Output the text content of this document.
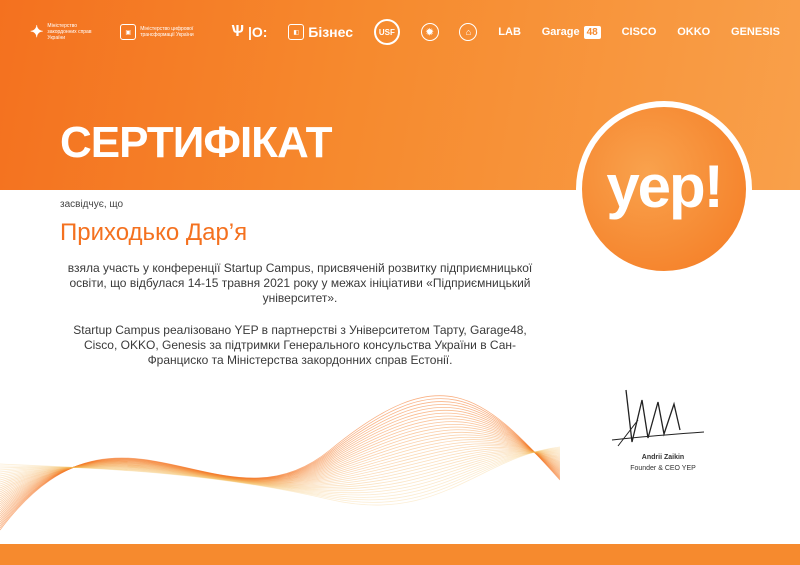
✦ Міністерство закордонних справ України
▣
Міністерство цифрової трансформації України	Ѱ |O:	◧ Бізнес	USF	✹	⌂	LAB Garage 48 CISCO OKKO GENESIS
СЕРТИФІКАТ
yep!
засвідчує, що
Приходько Дар’я
взяла участь у конференції Startup Campus, присвяченій розвитку підприємницької освіти, що відбулася 14-15 травня 2021 року у межах ініціативи «Підприємницький університет».
Startup Campus реалізовано YEP в партнерстві з Університетом Тарту, Garage48, Cisco, OKKO, Genesis за підтримки Генерального консульства України в Сан-Франциско та Міністерства закордонних справ Естонії.
Andrii Zaikin
Founder & CEO YEP
